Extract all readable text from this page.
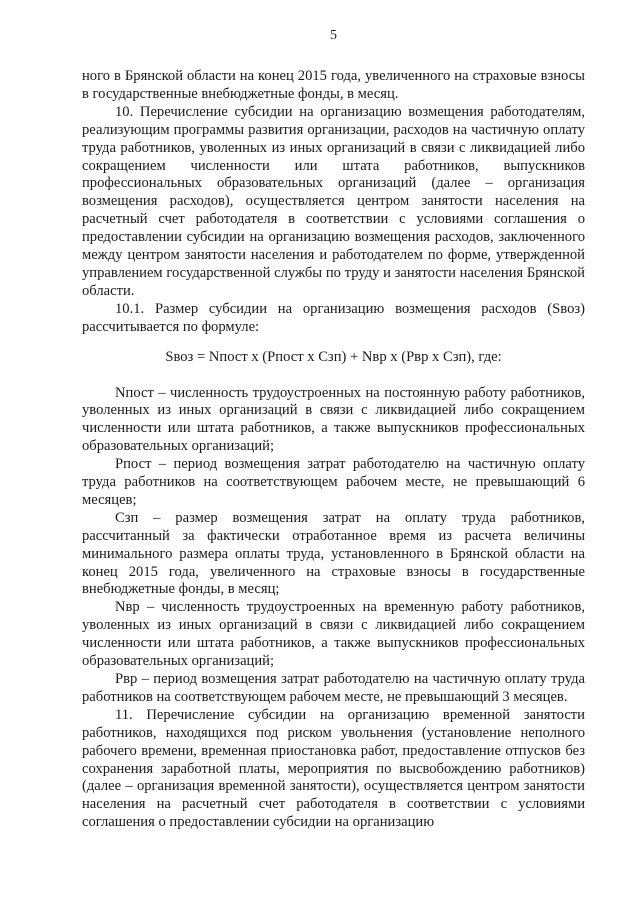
5

ного в Брянской области на конец 2015 года, увеличенного на страховые взносы в государственные внебюджетные фонды, в месяц.

10. Перечисление субсидии на организацию возмещения работодателям, реализующим программы развития организации, расходов на частичную оплату труда работников, уволенных из иных организаций в связи с ликвидацией либо сокращением численности или штата работников, выпускников профессиональных образовательных организаций (далее – организация возмещения расходов), осуществляется центром занятости населения на расчетный счет работодателя в соответствии с условиями соглашения о предоставлении субсидии на организацию возмещения расходов, заключенного между центром занятости населения и работодателем по форме, утвержденной управлением государственной службы по труду и занятости населения Брянской области.

10.1. Размер субсидии на организацию возмещения расходов (Sвоз) рассчитывается по формуле:

Sвоз = Nпост х (Рпост х Сзп) + Nвр х (Рвр х Сзп), где:

Nпост – численность трудоустроенных на постоянную работу работников, уволенных из иных организаций в связи с ликвидацией либо сокращением численности или штата работников, а также выпускников профессиональных образовательных организаций;

Рпост – период возмещения затрат работодателю на частичную оплату труда работников на соответствующем рабочем месте, не превышающий 6 месяцев;

Сзп – размер возмещения затрат на оплату труда работников, рассчитанный за фактически отработанное время из расчета величины минимального размера оплаты труда, установленного в Брянской области на конец 2015 года, увеличенного на страховые взносы в государственные внебюджетные фонды, в месяц;

Nвр – численность трудоустроенных на временную работу работников, уволенных из иных организаций в связи с ликвидацией либо сокращением численности или штата работников, а также выпускников профессиональных образовательных организаций;

Рвр – период возмещения затрат работодателю на частичную оплату труда работников на соответствующем рабочем месте, не превышающий 3 месяцев.

11. Перечисление субсидии на организацию временной занятости работников, находящихся под риском увольнения (установление неполного рабочего времени, временная приостановка работ, предоставление отпусков без сохранения заработной платы, мероприятия по высвобождению работников) (далее – организация временной занятости), осуществляется центром занятости населения на расчетный счет работодателя в соответствии с условиями соглашения о предоставлении субсидии на организацию
